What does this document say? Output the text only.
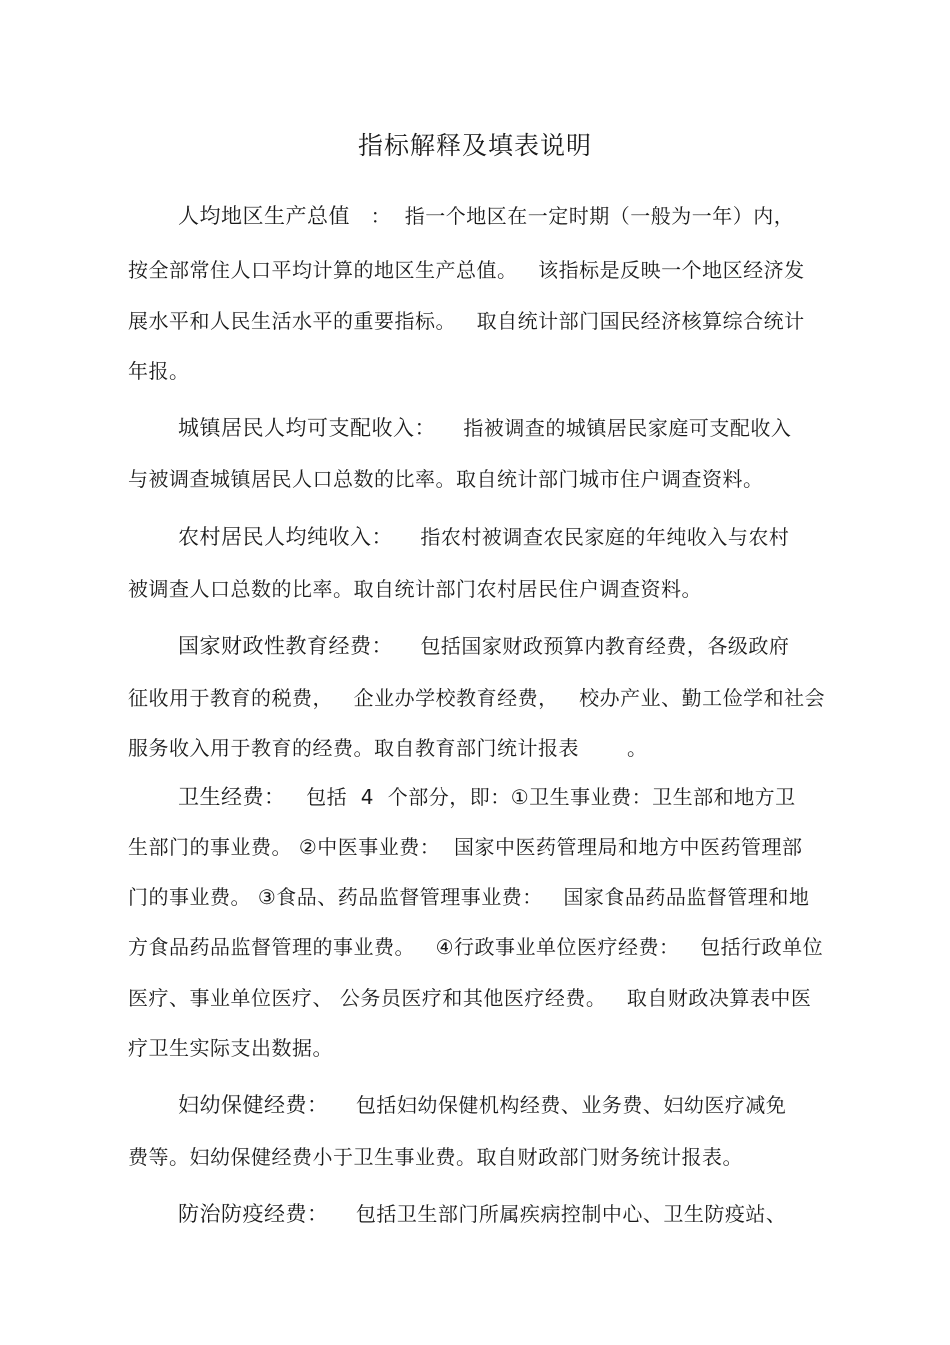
指标解释及填表说明
人均地区生产总值   ：  指一个地区在一定时期（一般为一年）内，
按全部常住人口平均计算的地区生产总值。   该指标是反映一个地区经济发
展水平和人民生活水平的重要指标。   取自统计部门国民经济核算综合统计
年报。
城镇居民人均可支配收入：    指被调查的城镇居民家庭可支配收入
与被调查城镇居民人口总数的比率。取自统计部门城市住户调查资料。
农村居民人均纯收入：    指农村被调查农民家庭的年纯收入与农村
被调查人口总数的比率。取自统计部门农村居民住户调查资料。
国家财政性教育经费：    包括国家财政预算内教育经费，各级政府
征收用于教育的税费，   企业办学校教育经费，   校办产业、勤工俭学和社会
服务收入用于教育的经费。取自教育部门统计报表       。
卫生经费：   包括  4  个部分，即：①卫生事业费：卫生部和地方卫
生部门的事业费。 ②中医事业费：  国家中医药管理局和地方中医药管理部
门的事业费。 ③食品、药品监督管理事业费：   国家食品药品监督管理和地
方食品药品监督管理的事业费。   ④行政事业单位医疗经费：   包括行政单位
医疗、事业单位医疗、 公务员医疗和其他医疗经费。   取自财政决算表中医
疗卫生实际支出数据。
妇幼保健经费：    包括妇幼保健机构经费、业务费、妇幼医疗减免
费等。妇幼保健经费小于卫生事业费。取自财政部门财务统计报表。
防治防疫经费：    包括卫生部门所属疾病控制中心、卫生防疫站、
